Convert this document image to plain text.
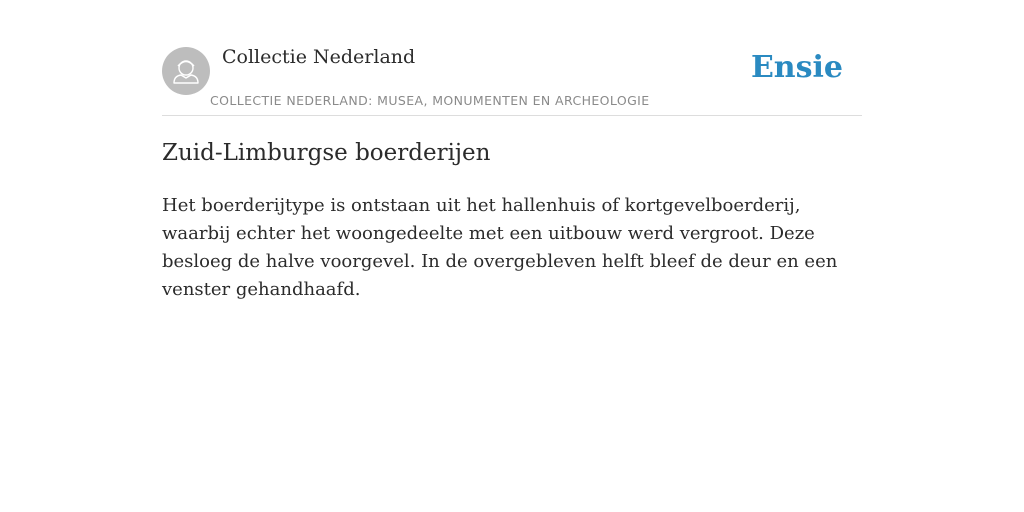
Collectie Nederland
COLLECTIE NEDERLAND: MUSEA, MONUMENTEN EN ARCHEOLOGIE
Ensie
Zuid-Limburgse boerderijen

Het boerderijtype is ontstaan uit het hallenhuis of kortgevelboerderij, waarbij echter het woongedeelte met een uitbouw werd vergroot. Deze besloeg de halve voorgevel. In de overgebleven helft bleef de deur en een venster gehandhaafd.
